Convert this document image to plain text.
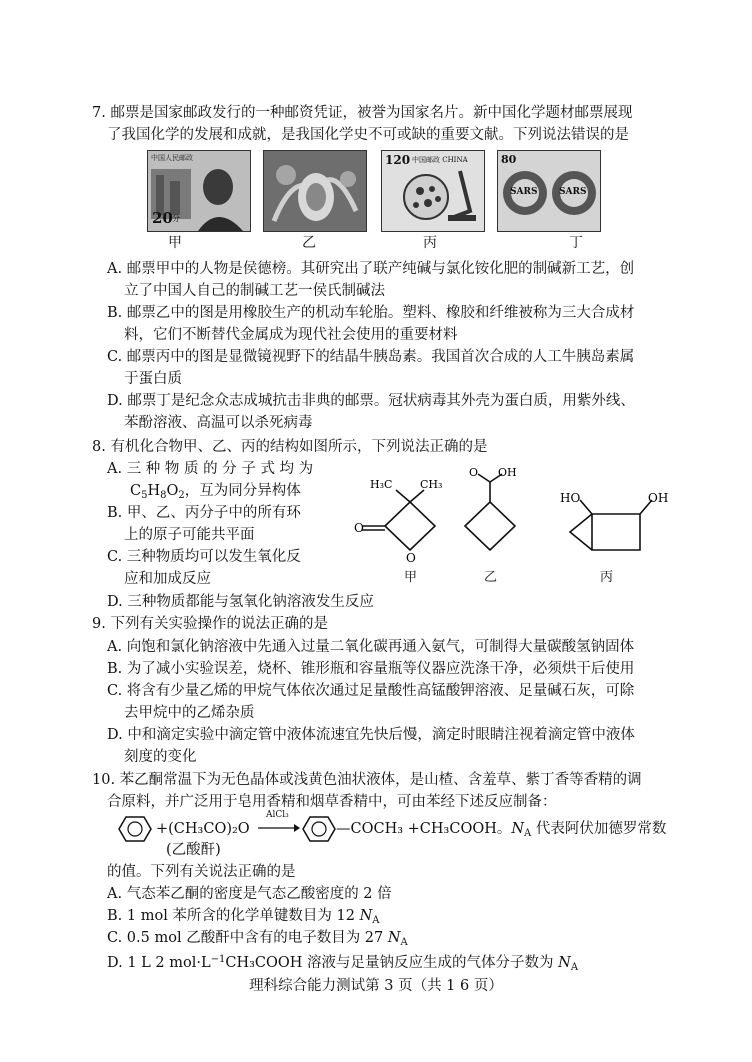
7. 邮票是国家邮政发行的一种邮资凭证，被誉为国家名片。新中国化学题材邮票展现
了我国化学的发展和成就，是我国化学史不可或缺的重要文献。下列说法错误的是
中国人民邮政
20 分
甲	乙
120 中国邮政 CHINA
丙
80
SARS SARS
丁
A. 邮票甲中的人物是侯德榜。其研究出了联产纯碱与氯化铵化肥的制碱新工艺，创
立了中国人自己的制碱工艺一侯氏制碱法
B. 邮票乙中的图是用橡胶生产的机动车轮胎。塑料、橡胶和纤维被称为三大合成材
料，它们不断替代金属成为现代社会使用的重要材料
C. 邮票丙中的图是显微镜视野下的结晶牛胰岛素。我国首次合成的人工牛胰岛素属
于蛋白质
D. 邮票丁是纪念众志成城抗击非典的邮票。冠状病毒其外壳为蛋白质，用紫外线、
苯酚溶液、高温可以杀死病毒
8. 有机化合物甲、乙、丙的结构如图所示，下列说法正确的是
A. 三 种 物 质 的 分 子 式 均 为
$C_5H_8O_2$，互为同分异构体
B. 甲、乙、丙分子中的所有环
上的原子可能共平面
C. 三种物质均可以发生氧化反
应和加成反应
D. 三种物质都能与氢氧化钠溶液发生反应
O
O
H₃C	CH₃
O OH
HO	OH
甲	乙	丙
9. 下列有关实验操作的说法正确的是
A. 向饱和氯化钠溶液中先通入过量二氧化碳再通入氨气，可制得大量碳酸氢钠固体
B. 为了减小实验误差，烧杯、锥形瓶和容量瓶等仪器应洗涤干净，必须烘干后使用
C. 将含有少量乙烯的甲烷气体依次通过足量酸性高锰酸钾溶液、足量碱石灰，可除
去甲烷中的乙烯杂质
D. 中和滴定实验中滴定管中液体流速宜先快后慢，滴定时眼睛注视着滴定管中液体
刻度的变化
10. 苯乙酮常温下为无色晶体或浅黄色油状液体，是山楂、含羞草、紫丁香等香精的调
合原料，并广泛用于皂用香精和烟草香精中，可由苯经下述反应制备：
+(CH₃CO)₂O
AlCl₃
—COCH₃ +CH₃COOH。$N_A$ 代表阿伏加德罗常数
(乙酸酐)
的值。下列有关说法正确的是
A. 气态苯乙酮的密度是气态乙酸密度的 2 倍
B. 1 mol 苯所含的化学单键数目为 12 $N_A$
C. 0.5 mol 乙酸酐中含有的电子数目为 27 $N_A$
D. 1 L 2 $mol\cdot L^{-1}CH_3COOH$ 溶液与足量钠反应生成的气体分子数为 $N_A$
理科综合能力测试第 3 页（共 1 6 页）
